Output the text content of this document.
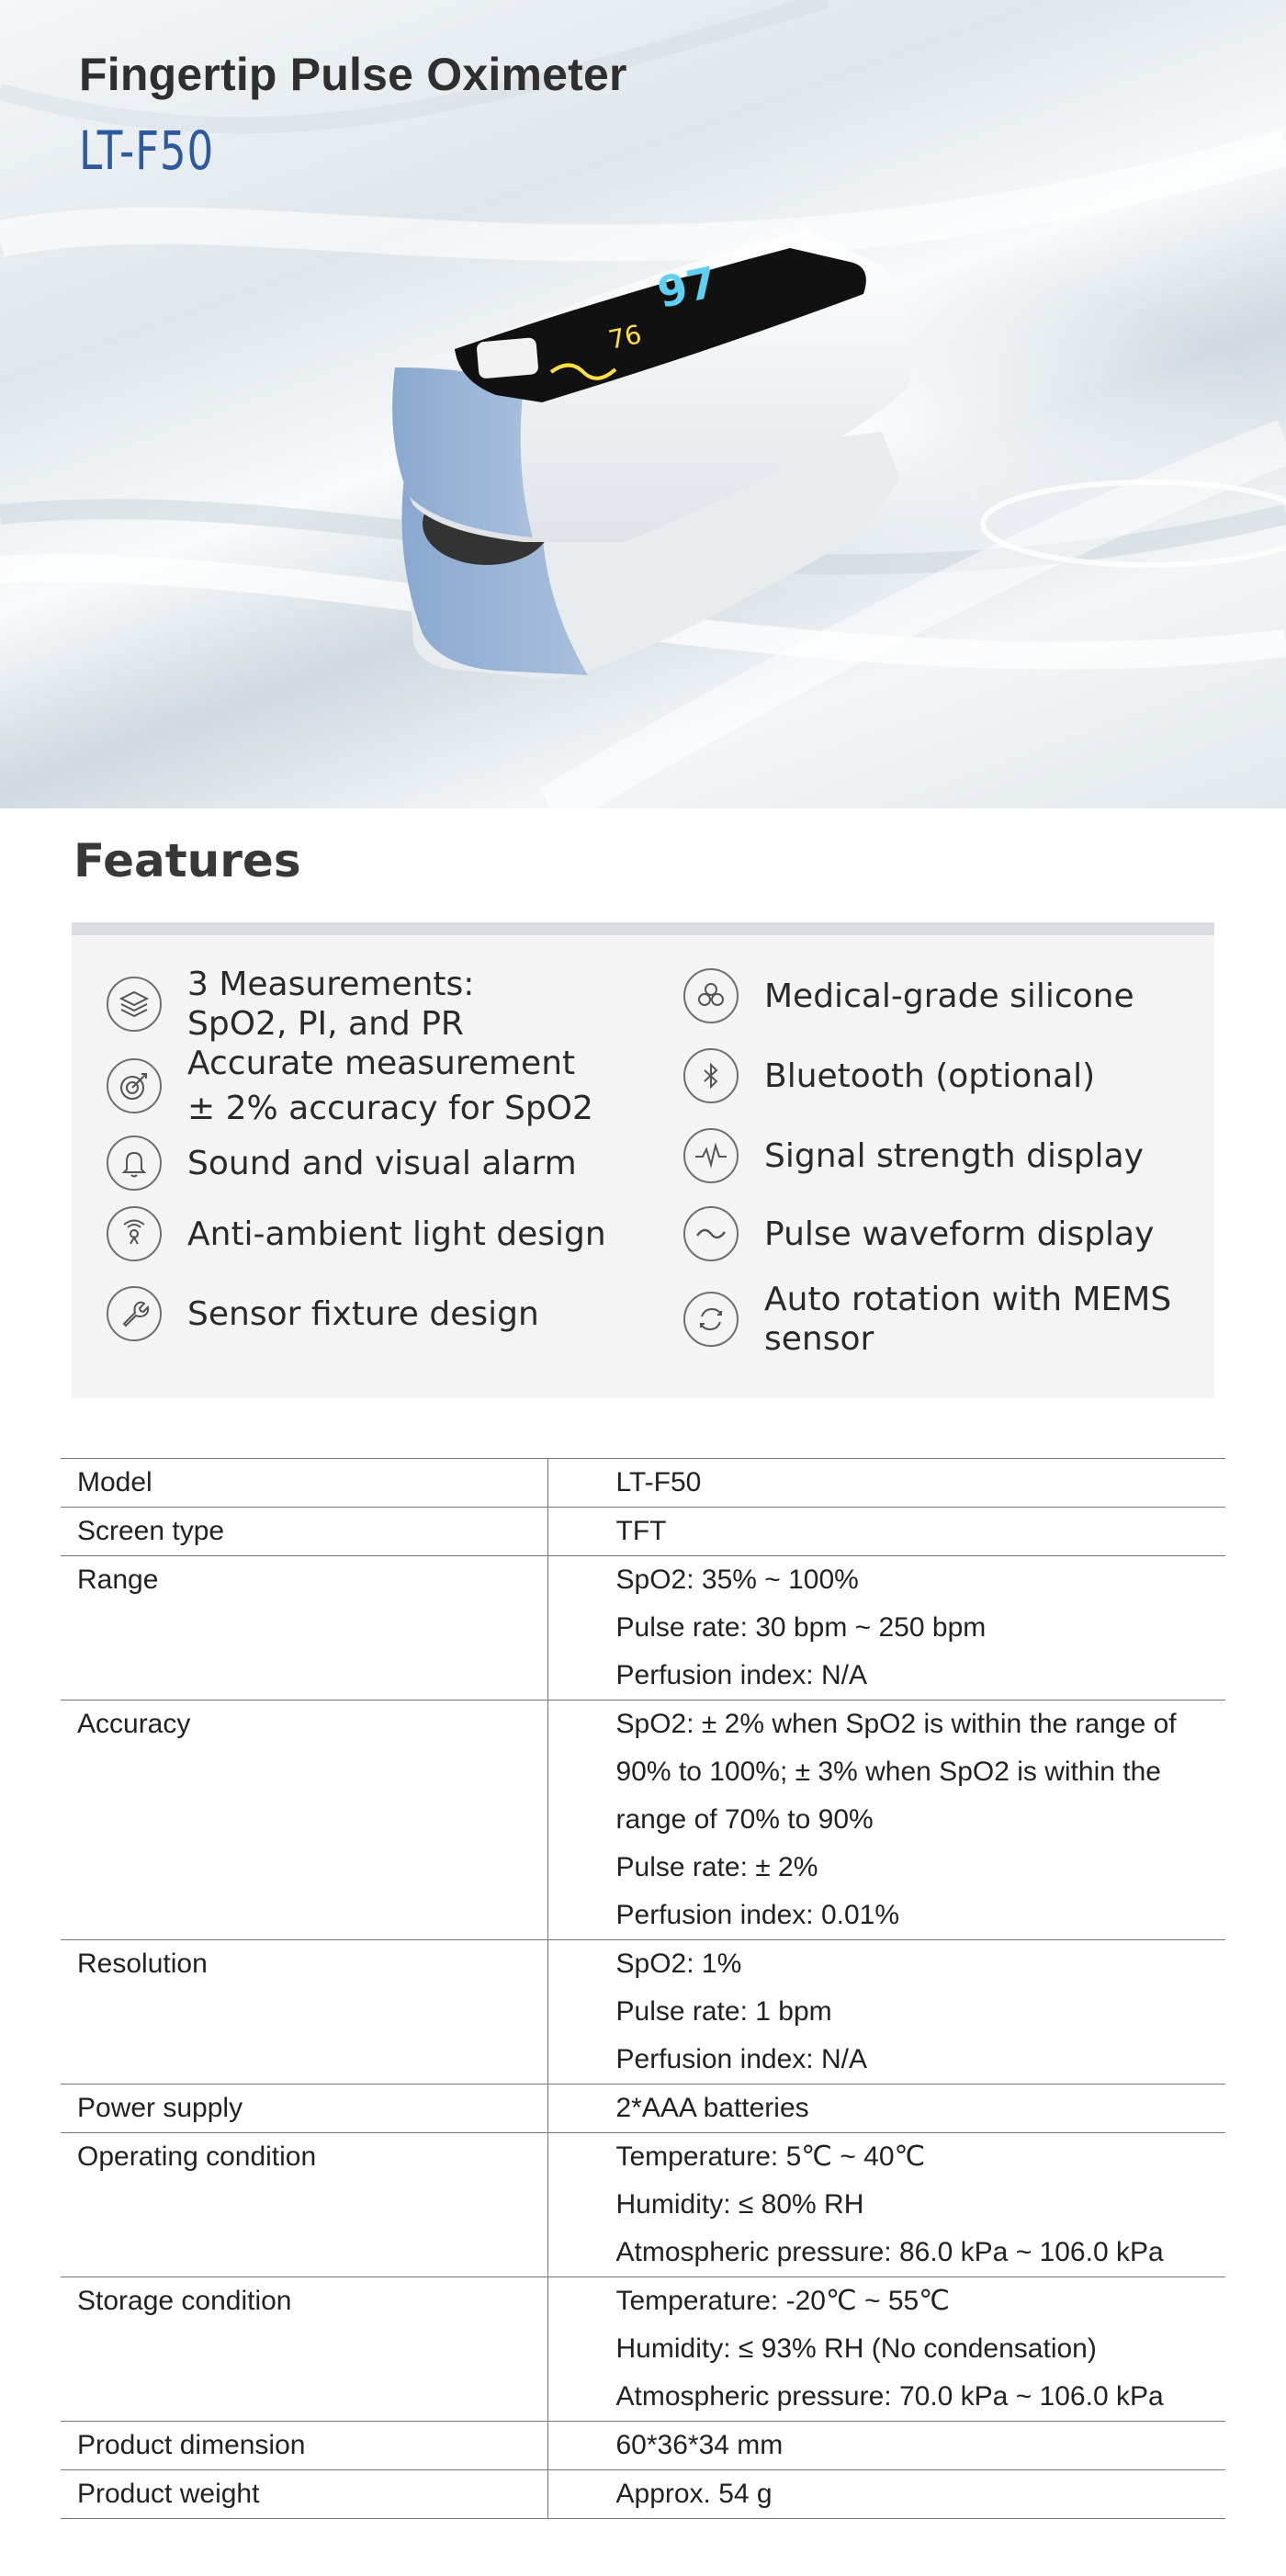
Fingertip Pulse Oximeter
LT-F50
97
76
Features
3 Measurements:
SpO2, PI, and PR
Accurate measurement
± 2% accuracy for SpO2
Sound and visual alarm
Anti-ambient light design
Sensor fixture design
Medical-grade silicone
Bluetooth (optional)
Signal strength display
Pulse waveform display
Auto rotation with MEMS
sensor
Model	LT-F50

Screen type	TFT

Range	SpO2: 35% ~ 100%
Pulse rate: 30 bpm ~ 250 bpm
Perfusion index: N/A

Accuracy	SpO2: ± 2% when SpO2 is within the range of
90% to 100%; ± 3% when SpO2 is within the
range of 70% to 90%
Pulse rate: ± 2%
Perfusion index: 0.01%

Resolution	SpO2: 1%
Pulse rate: 1 bpm
Perfusion index: N/A

Power supply	2*AAA batteries

Operating condition	Temperature: 5℃ ~ 40℃
Humidity: ≤ 80% RH
Atmospheric pressure: 86.0 kPa ~ 106.0 kPa

Storage condition	Temperature: -20℃ ~ 55℃
Humidity: ≤ 93% RH (No condensation)
Atmospheric pressure: 70.0 kPa ~ 106.0 kPa

Product dimension	60*36*34 mm

Product weight	Approx. 54 g
